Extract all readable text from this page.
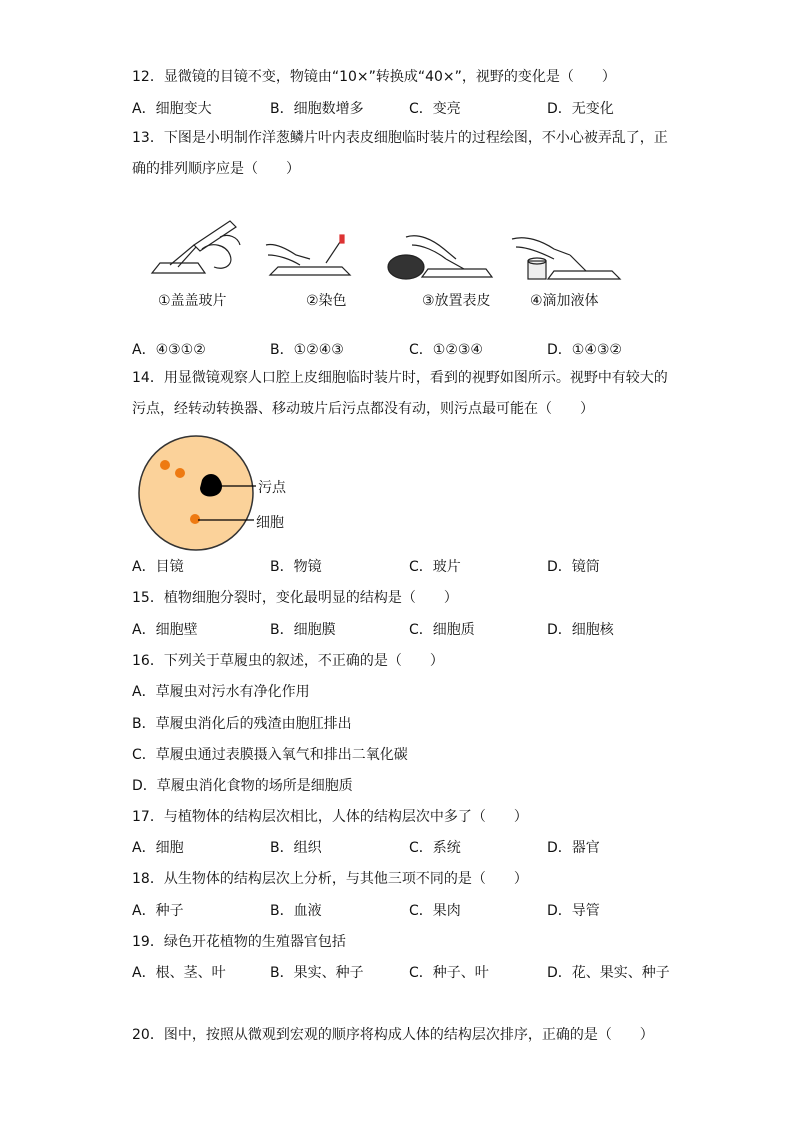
12．显微镜的目镜不变，物镜由“10×”转换成“40×”，视野的变化是（　　）
A．细胞变大	B．细胞数增多	C．变亮	D．无变化
13．下图是小明制作洋葱鳞片叶内表皮细胞临时装片的过程绘图，不小心被弄乱了，正确的排列顺序应是（　　）
①盖盖玻片	②染色	③放置表皮	④滴加液体
A．④③①②	B．①②④③	C．①②③④	D．①④③②
14．用显微镜观察人口腔上皮细胞临时装片时，看到的视野如图所示。视野中有较大的污点，经转动转换器、移动玻片后污点都没有动，则污点最可能在（　　）
污点
细胞
A．目镜	B．物镜	C．玻片	D．镜筒
15．植物细胞分裂时，变化最明显的结构是（　　）
A．细胞壁	B．细胞膜	C．细胞质	D．细胞核
16．下列关于草履虫的叙述，不正确的是（　　）
A．草履虫对污水有净化作用
B．草履虫消化后的残渣由胞肛排出
C．草履虫通过表膜摄入氧气和排出二氧化碳
D．草履虫消化食物的场所是细胞质
17．与植物体的结构层次相比，人体的结构层次中多了（　　）
A．细胞	B．组织	C．系统	D．器官
18．从生物体的结构层次上分析，与其他三项不同的是（　　）
A．种子	B．血液	C．果肉	D．导管
19．绿色开花植物的生殖器官包括
A．根、茎、叶	B．果实、种子	C．种子、叶	D．花、果实、种子
20．图中，按照从微观到宏观的顺序将构成人体的结构层次排序，正确的是（　　）
